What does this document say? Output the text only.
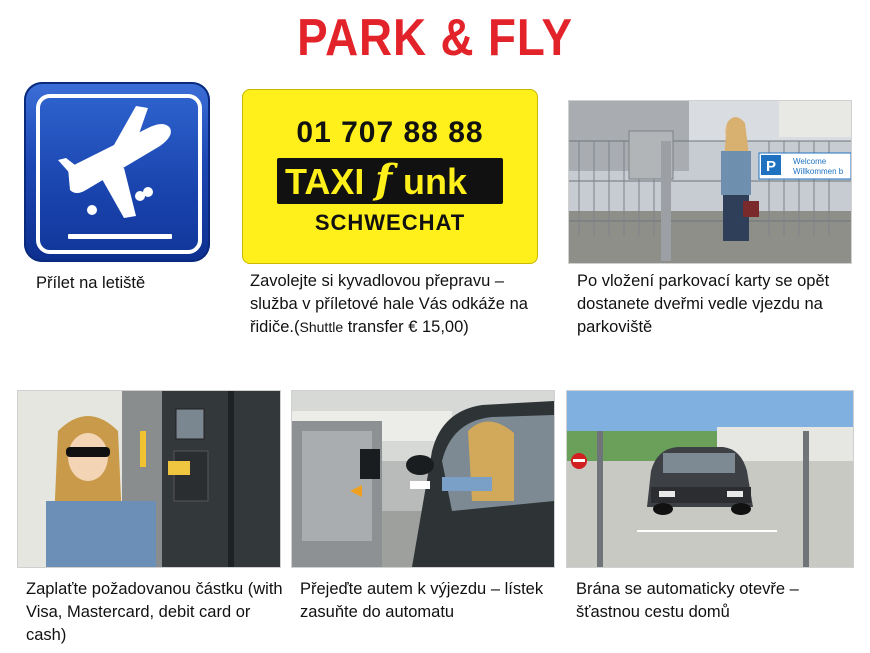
PARK & FLY
Přílet na letiště
01 707 88 88
TAXI f unk
SCHWECHAT
Zavolejte si kyvadlovou přepravu – služba v příletové hale Vás odkáže na řidiče.(Shuttle transfer € 15,00)
P Welcome
Willkommen b
Po vložení parkovací karty se opět dostanete dveřmi vedle vjezdu na parkoviště
Zaplaťte požadovanou částku (with Visa, Mastercard, debit card or cash)
Přejeďte autem k výjezdu – lístek zasuňte do automatu
Brána se automaticky otevře – šťastnou cestu domů
